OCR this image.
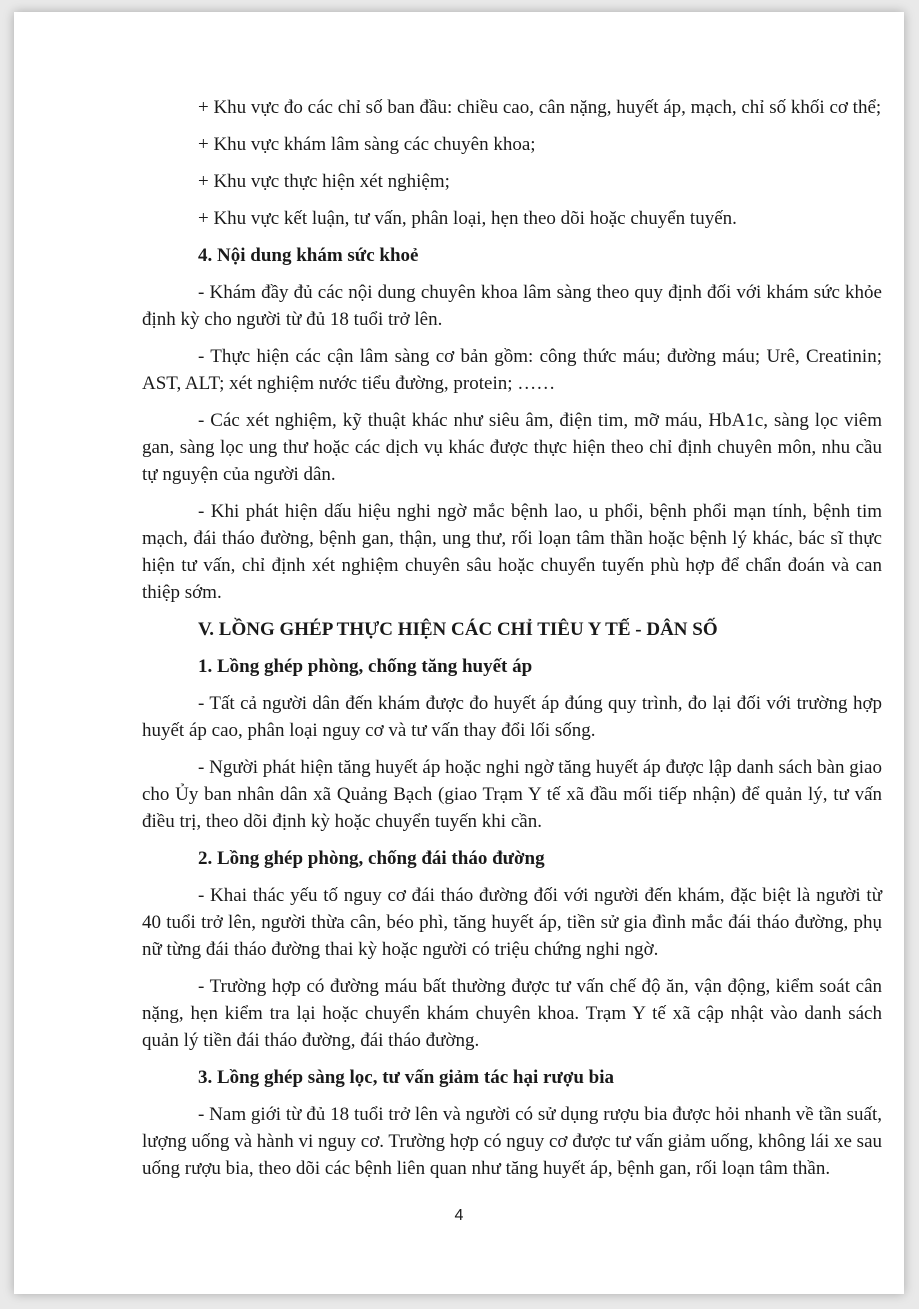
+ Khu vực đo các chỉ số ban đầu: chiều cao, cân nặng, huyết áp, mạch, chỉ số khối cơ thể;

+ Khu vực khám lâm sàng các chuyên khoa;

+ Khu vực thực hiện xét nghiệm;

+ Khu vực kết luận, tư vấn, phân loại, hẹn theo dõi hoặc chuyển tuyến.

4. Nội dung khám sức khoẻ

- Khám đầy đủ các nội dung chuyên khoa lâm sàng theo quy định đối với khám sức khỏe định kỳ cho người từ đủ 18 tuổi trở lên.

- Thực hiện các cận lâm sàng cơ bản gồm: công thức máu; đường máu; Urê, Creatinin; AST, ALT; xét nghiệm nước tiểu đường, protein; ……

- Các xét nghiệm, kỹ thuật khác như siêu âm, điện tim, mỡ máu, HbA1c, sàng lọc viêm gan, sàng lọc ung thư hoặc các dịch vụ khác được thực hiện theo chỉ định chuyên môn, nhu cầu tự nguyện của người dân.

- Khi phát hiện dấu hiệu nghi ngờ mắc bệnh lao, u phổi, bệnh phổi mạn tính, bệnh tim mạch, đái tháo đường, bệnh gan, thận, ung thư, rối loạn tâm thần hoặc bệnh lý khác, bác sĩ thực hiện tư vấn, chỉ định xét nghiệm chuyên sâu hoặc chuyển tuyến phù hợp để chẩn đoán và can thiệp sớm.

V. LỒNG GHÉP THỰC HIỆN CÁC CHỈ TIÊU Y TẾ - DÂN SỐ

1. Lồng ghép phòng, chống tăng huyết áp

- Tất cả người dân đến khám được đo huyết áp đúng quy trình, đo lại đối với trường hợp huyết áp cao, phân loại nguy cơ và tư vấn thay đổi lối sống.

- Người phát hiện tăng huyết áp hoặc nghi ngờ tăng huyết áp được lập danh sách bàn giao cho Ủy ban nhân dân xã Quảng Bạch (giao Trạm Y tế xã đầu mối tiếp nhận) để quản lý, tư vấn điều trị, theo dõi định kỳ hoặc chuyển tuyến khi cần.

2. Lồng ghép phòng, chống đái tháo đường

- Khai thác yếu tố nguy cơ đái tháo đường đối với người đến khám, đặc biệt là người từ 40 tuổi trở lên, người thừa cân, béo phì, tăng huyết áp, tiền sử gia đình mắc đái tháo đường, phụ nữ từng đái tháo đường thai kỳ hoặc người có triệu chứng nghi ngờ.

- Trường hợp có đường máu bất thường được tư vấn chế độ ăn, vận động, kiểm soát cân nặng, hẹn kiểm tra lại hoặc chuyển khám chuyên khoa. Trạm Y tế xã cập nhật vào danh sách quản lý tiền đái tháo đường, đái tháo đường.

3. Lồng ghép sàng lọc, tư vấn giảm tác hại rượu bia

- Nam giới từ đủ 18 tuổi trở lên và người có sử dụng rượu bia được hỏi nhanh về tần suất, lượng uống và hành vi nguy cơ. Trường hợp có nguy cơ được tư vấn giảm uống, không lái xe sau uống rượu bia, theo dõi các bệnh liên quan như tăng huyết áp, bệnh gan, rối loạn tâm thần.

4
